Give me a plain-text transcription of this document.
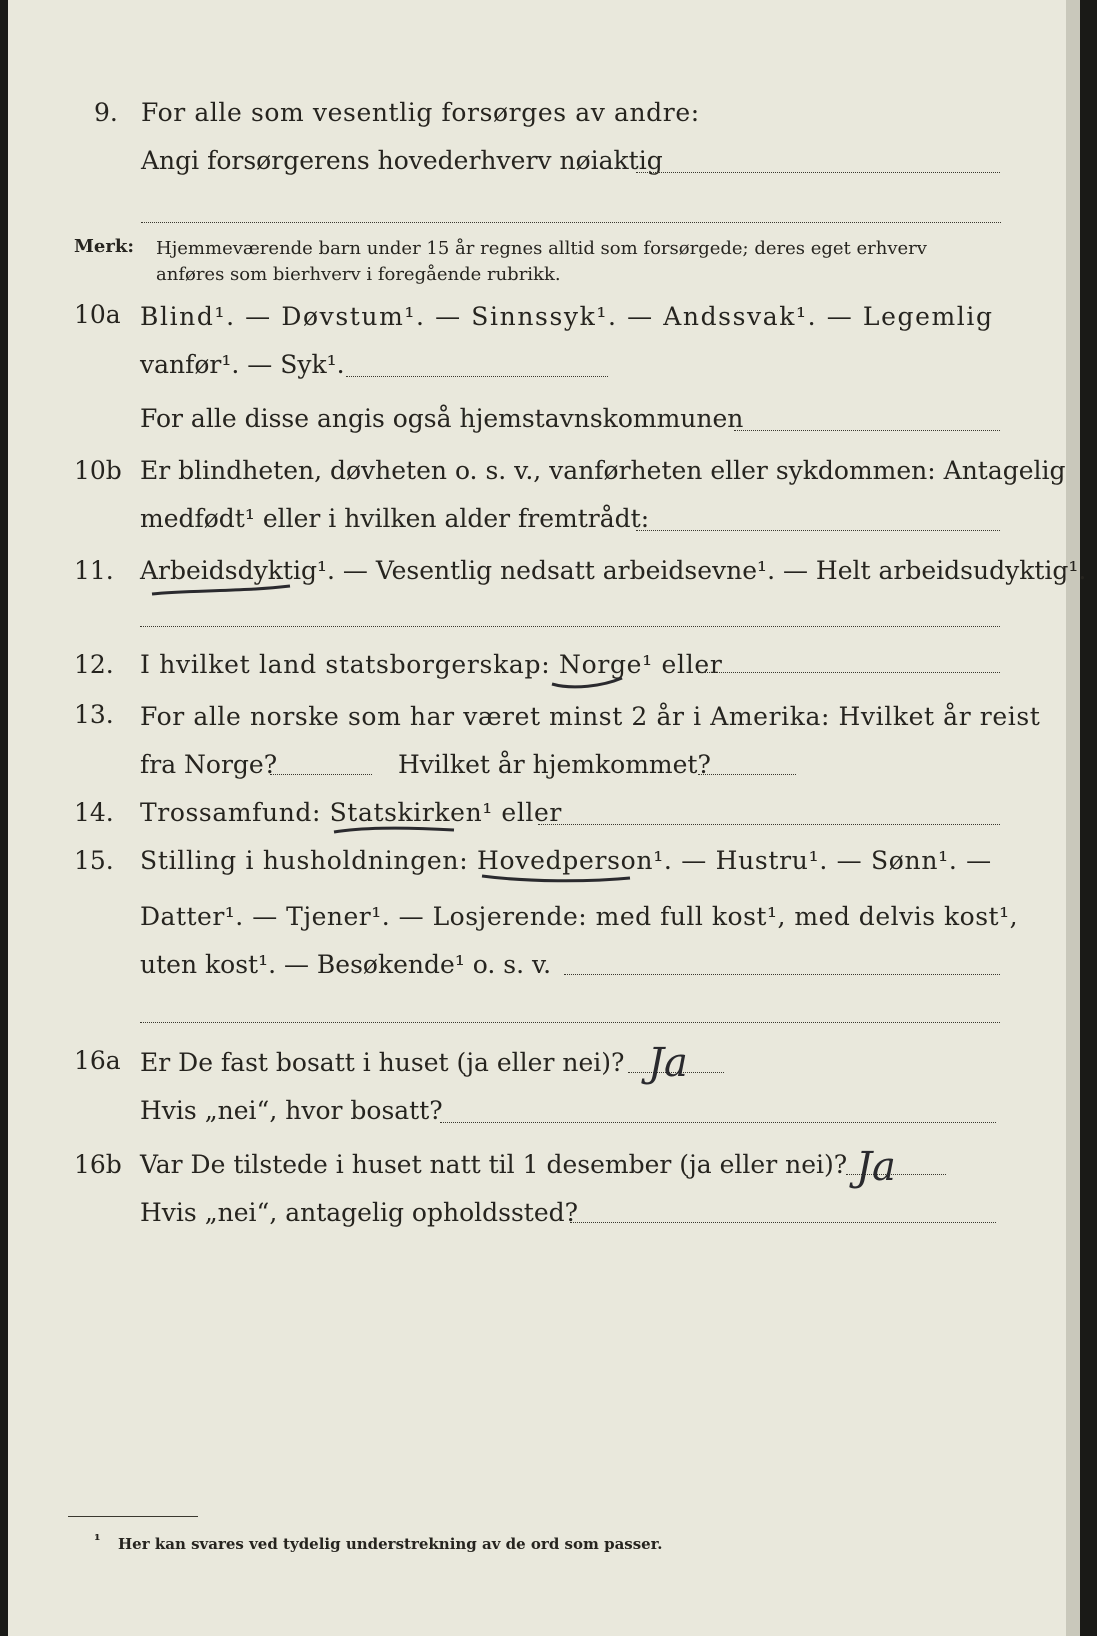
9. For alle som vesentlig forsørges av andre:
Angi forsørgerens hovederhverv nøiaktig
Merk: Hjemmeværende barn under 15 år regnes alltid som forsørgede; deres eget erhverv
anføres som bierhverv i foregående rubrikk.
10a Blind¹. — Døvstum¹. — Sinnssyk¹. — Andssvak¹. — Legemlig
vanfør¹. — Syk¹.
For alle disse angis også hjemstavnskommunen
10b Er blindheten, døvheten o. s. v., vanførheten eller sykdommen: Antagelig
medfødt¹ eller i hvilken alder fremtrådt:
11. Arbeidsdyktig¹. — Vesentlig nedsatt arbeidsevne¹. — Helt arbeidsudyktig¹.
12. I hvilket land statsborgerskap: Norge¹ eller
13. For alle norske som har været minst 2 år i Amerika: Hvilket år reist
fra Norge?	Hvilket år hjemkommet?
14. Trossamfund: Statskirken¹ eller
15. Stilling i husholdningen: Hovedperson¹. — Hustru¹. — Sønn¹. —
Datter¹. — Tjener¹. — Losjerende: med full kost¹, med delvis kost¹,
uten kost¹. — Besøkende¹ o. s. v.
16a Er De fast bosatt i huset (ja eller nei)? Ja
Hvis „nei“, hvor bosatt?
16b Var De tilstede i huset natt til 1 desember (ja eller nei)? Ja
Hvis „nei“, antagelig opholdssted?
¹ Her kan svares ved tydelig understrekning av de ord som passer.
